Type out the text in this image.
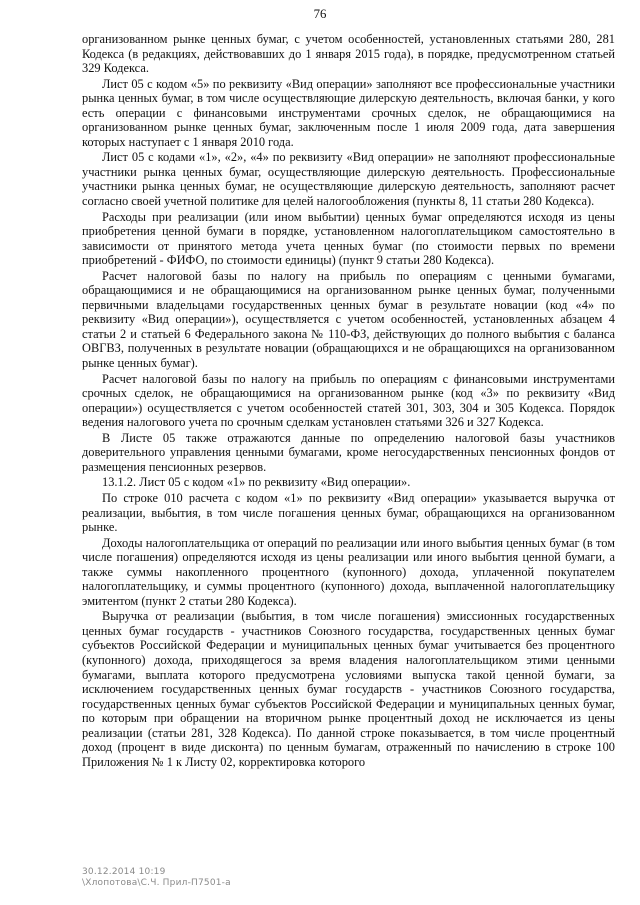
76

организованном рынке ценных бумаг, с учетом особенностей, установленных статьями 280, 281 Кодекса (в редакциях, действовавших до 1 января 2015 года), в порядке, предусмотренном статьей 329 Кодекса.

Лист 05 с кодом «5» по реквизиту «Вид операции» заполняют все профессиональные участники рынка ценных бумаг, в том числе осуществляющие дилерскую деятельность, включая банки, у кого есть операции с финансовыми инструментами срочных сделок, не обращающимися на организованном рынке ценных бумаг, заключенным после 1 июля 2009 года, дата завершения которых наступает с 1 января 2010 года.

Лист 05 с кодами «1», «2», «4» по реквизиту «Вид операции» не заполняют профессиональные участники рынка ценных бумаг, осуществляющие дилерскую деятельность. Профессиональные участники рынка ценных бумаг, не осуществляющие дилерскую деятельность, заполняют расчет согласно своей учетной политике для целей налогообложения (пункты 8, 11 статьи 280 Кодекса).

Расходы при реализации (или ином выбытии) ценных бумаг определяются исходя из цены приобретения ценной бумаги в порядке, установленном налогоплательщиком самостоятельно в зависимости от принятого метода учета ценных бумаг (по стоимости первых по времени приобретений - ФИФО, по стоимости единицы) (пункт 9 статьи 280 Кодекса).

Расчет налоговой базы по налогу на прибыль по операциям с ценными бумагами, обращающимися и не обращающимися на организованном рынке ценных бумаг, полученными первичными владельцами государственных ценных бумаг в результате новации (код «4» по реквизиту «Вид операции»), осуществляется с учетом особенностей, установленных абзацем 4 статьи 2 и статьей 6 Федерального закона № 110-ФЗ, действующих до полного выбытия с баланса ОВГВЗ, полученных в результате новации (обращающихся и не обращающихся на организованном рынке ценных бумаг).

Расчет налоговой базы по налогу на прибыль по операциям с финансовыми инструментами срочных сделок, не обращающимися на организованном рынке (код «3» по реквизиту «Вид операции») осуществляется с учетом особенностей статей 301, 303, 304 и 305 Кодекса. Порядок ведения налогового учета по срочным сделкам установлен статьями 326 и 327 Кодекса.

В Листе 05 также отражаются данные по определению налоговой базы участников доверительного управления ценными бумагами, кроме негосударственных пенсионных фондов от размещения пенсионных резервов.

13.1.2. Лист 05 с кодом «1» по реквизиту «Вид операции».

По строке 010 расчета с кодом «1» по реквизиту «Вид операции» указывается выручка от реализации, выбытия, в том числе погашения ценных бумаг, обращающихся на организованном рынке.

Доходы налогоплательщика от операций по реализации или иного выбытия ценных бумаг (в том числе погашения) определяются исходя из цены реализации или иного выбытия ценной бумаги, а также суммы накопленного процентного (купонного) дохода, уплаченной покупателем налогоплательщику, и суммы процентного (купонного) дохода, выплаченной налогоплательщику эмитентом (пункт 2 статьи 280 Кодекса).

Выручка от реализации (выбытия, в том числе погашения) эмиссионных государственных ценных бумаг государств - участников Союзного государства, государственных ценных бумаг субъектов Российской Федерации и муниципальных ценных бумаг учитывается без процентного (купонного) дохода, приходящегося за время владения налогоплательщиком этими ценными бумагами, выплата которого предусмотрена условиями выпуска такой ценной бумаги, за исключением государственных ценных бумаг государств - участников Союзного государства, государственных ценных бумаг субъектов Российской Федерации и муниципальных ценных бумаг, по которым при обращении на вторичном рынке процентный доход не исключается из цены реализации (статьи 281, 328 Кодекса). По данной строке показывается, в том числе процентный доход (процент в виде дисконта) по ценным бумагам, отраженный по начислению в строке 100 Приложения № 1 к Листу 02, корректировка которого

30.12.2014 10:19
\Хлопотова\С.Ч. Прил-П7501-а
